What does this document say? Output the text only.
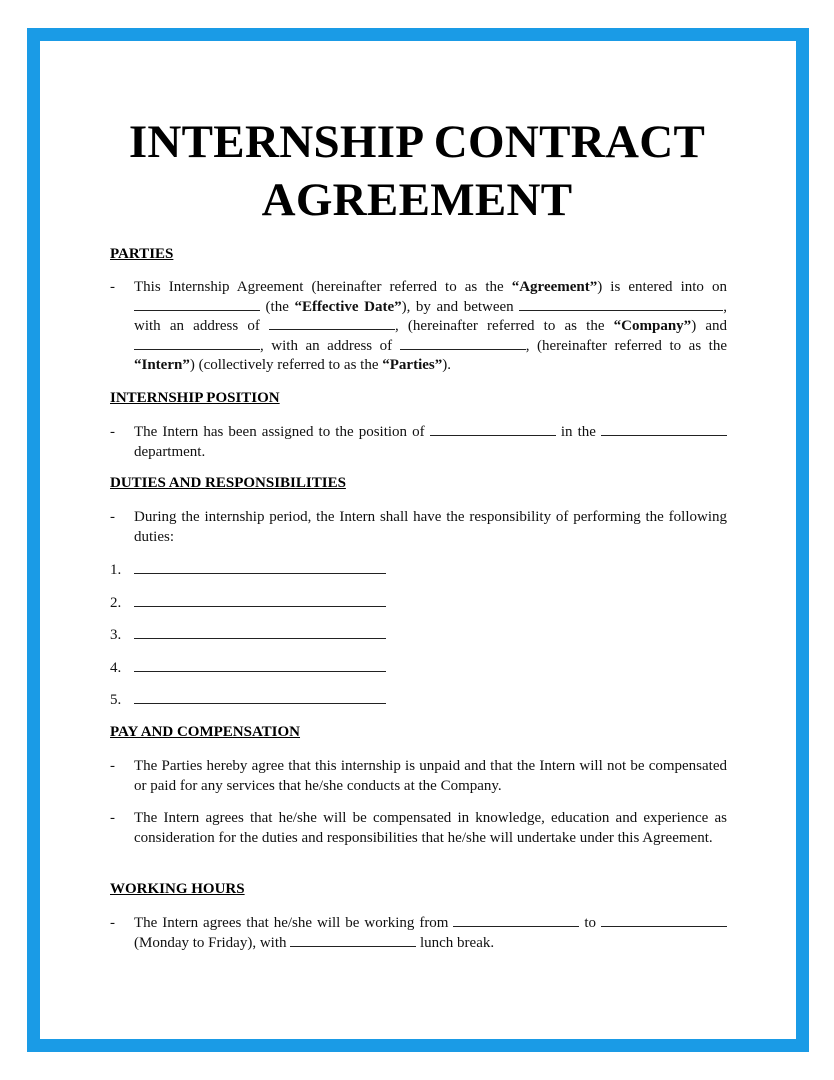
INTERNSHIP CONTRACT
AGREEMENT
PARTIES
- This Internship Agreement (hereinafter referred to as the “Agreement”) is entered into on  (the “Effective Date”), by and between	, with an address of	, (hereinafter referred to as the “Company”) and , with an address of	, (hereinafter referred to as the “Intern”) (collectively referred to as the “Parties”).
INTERNSHIP POSITION
- The Intern has been assigned to the position of	in the  department.
DUTIES AND RESPONSIBILITIES
- During the internship period, the Intern shall have the responsibility of performing the following duties:
1.
2.
3.
4.
5.
PAY AND COMPENSATION
- The Parties hereby agree that this internship is unpaid and that the Intern will not be compensated or paid for any services that he/she conducts at the Company.
- The Intern agrees that he/she will be compensated in knowledge, education and experience as consideration for the duties and responsibilities that he/she will undertake under this Agreement.
WORKING HOURS
- The Intern agrees that he/she will be working from	to  (Monday to Friday), with	lunch break.
